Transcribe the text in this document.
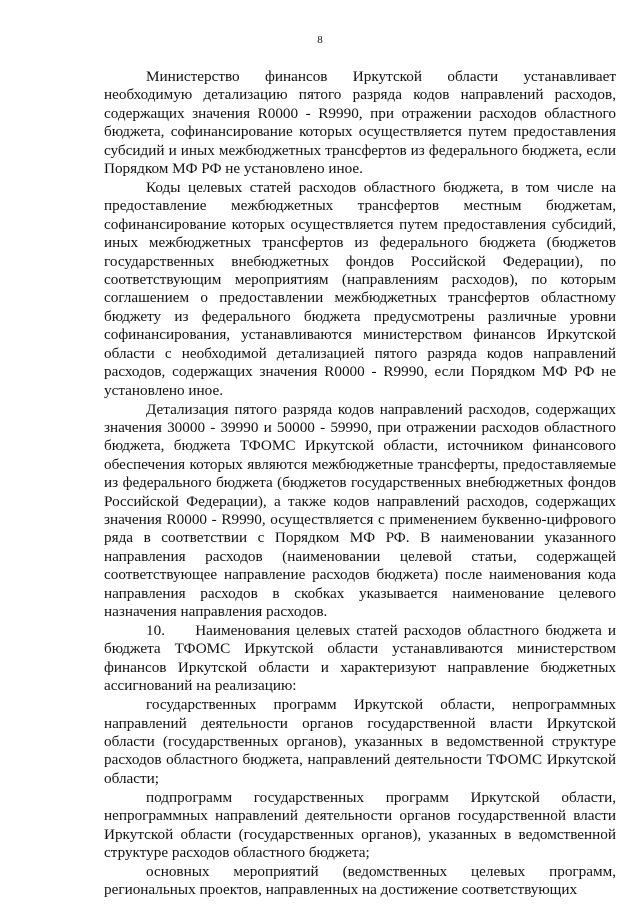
8

Министерство финансов Иркутской области устанавливает необходимую детализацию пятого разряда кодов направлений расходов, содержащих значения R0000 - R9990, при отражении расходов областного бюджета, софинансирование которых осуществляется путем предоставления субсидий и иных межбюджетных трансфертов из федерального бюджета, если Порядком МФ РФ не установлено иное.

Коды целевых статей расходов областного бюджета, в том числе на предоставление межбюджетных трансфертов местным бюджетам, софинансирование которых осуществляется путем предоставления субсидий, иных межбюджетных трансфертов из федерального бюджета (бюджетов государственных внебюджетных фондов Российской Федерации), по соответствующим мероприятиям (направлениям расходов), по которым соглашением о предоставлении межбюджетных трансфертов областному бюджету из федерального бюджета предусмотрены различные уровни софинансирования, устанавливаются министерством финансов Иркутской области с необходимой детализацией пятого разряда кодов направлений расходов, содержащих значения R0000 - R9990, если Порядком МФ РФ не установлено иное.

Детализация пятого разряда кодов направлений расходов, содержащих значения 30000 - 39990 и 50000 - 59990, при отражении расходов областного бюджета, бюджета ТФОМС Иркутской области, источником финансового обеспечения которых являются межбюджетные трансферты, предоставляемые из федерального бюджета (бюджетов государственных внебюджетных фондов Российской Федерации), а также кодов направлений расходов, содержащих значения R0000 - R9990, осуществляется с применением буквенно-цифрового ряда в соответствии с Порядком МФ РФ. В наименовании указанного направления расходов (наименовании целевой статьи, содержащей соответствующее направление расходов бюджета) после наименования кода направления расходов в скобках указывается наименование целевого назначения направления расходов.

10.     Наименования целевых статей расходов областного бюджета и бюджета ТФОМС Иркутской области устанавливаются министерством финансов Иркутской области и характеризуют направление бюджетных ассигнований на реализацию:

государственных программ Иркутской области, непрограммных направлений деятельности органов государственной власти Иркутской области (государственных органов), указанных в ведомственной структуре расходов областного бюджета, направлений деятельности ТФОМС Иркутской области;

подпрограмм государственных программ Иркутской области, непрограммных направлений деятельности органов государственной власти Иркутской области (государственных органов), указанных в ведомственной структуре расходов областного бюджета;

основных мероприятий (ведомственных целевых программ, региональных проектов, направленных на достижение соответствующих
